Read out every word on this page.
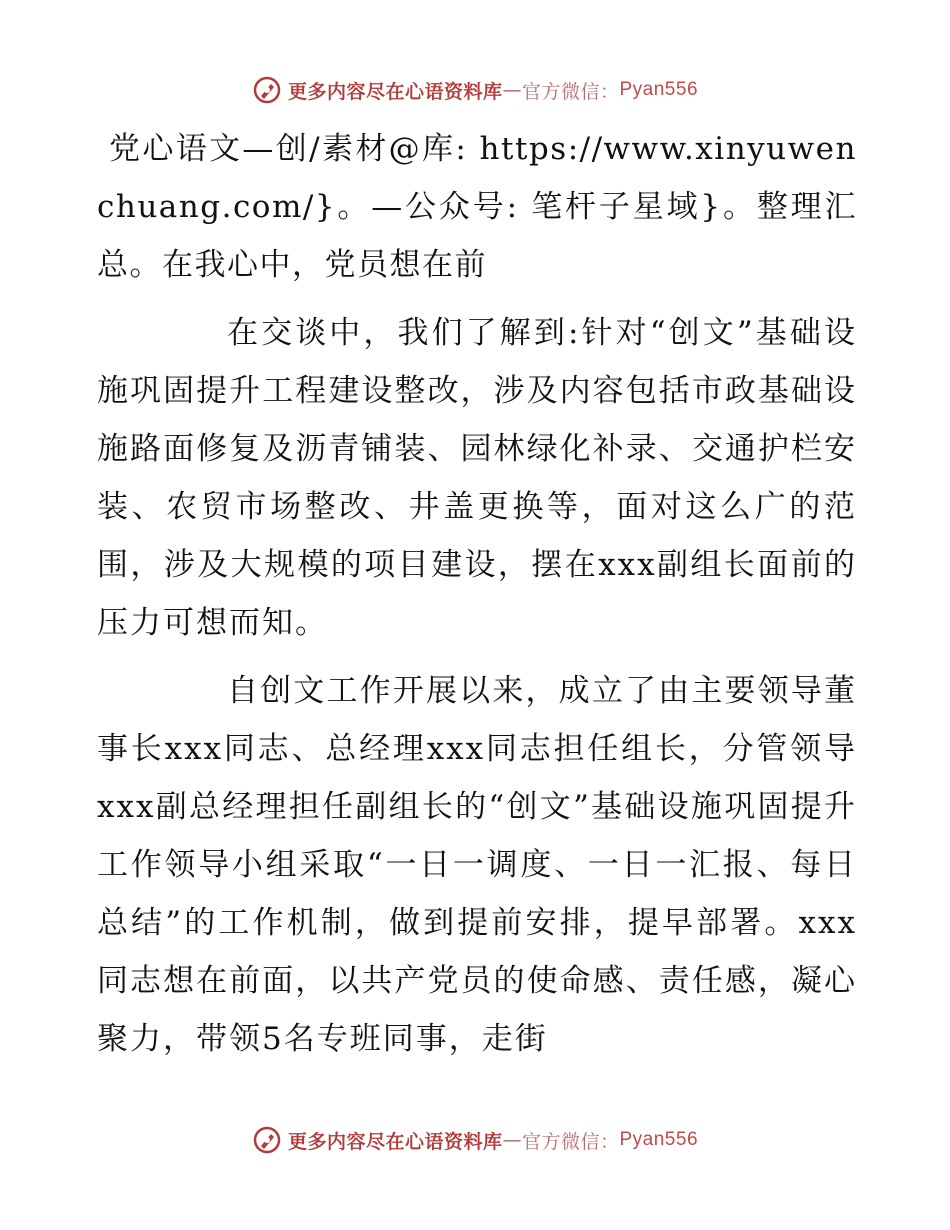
更多内容尽在心语资料库 — 官方微信： Pyan556

党心语文—创/素材@库: https://www.xinyuwenchuang.com/}。—公众号: 笔杆子星域}。整理汇总。在我心中，党员想在前

在交谈中，我们了解到:针对“创文”基础设施巩固提升工程建设整改，涉及内容包括市政基础设施路面修复及沥青铺装、园林绿化补录、交通护栏安装、农贸市场整改、井盖更换等，面对这么广的范围，涉及大规模的项目建设，摆在xxx副组长面前的压力可想而知。

自创文工作开展以来，成立了由主要领导董事长xxx同志、总经理xxx同志担任组长，分管领导xxx副总经理担任副组长的“创文”基础设施巩固提升工作领导小组采取“一日一调度、一日一汇报、每日总结”的工作机制，做到提前安排，提早部署。xxx同志想在前面，以共产党员的使命感、责任感，凝心聚力，带领5名专班同事，走街

更多内容尽在心语资料库 — 官方微信： Pyan556
